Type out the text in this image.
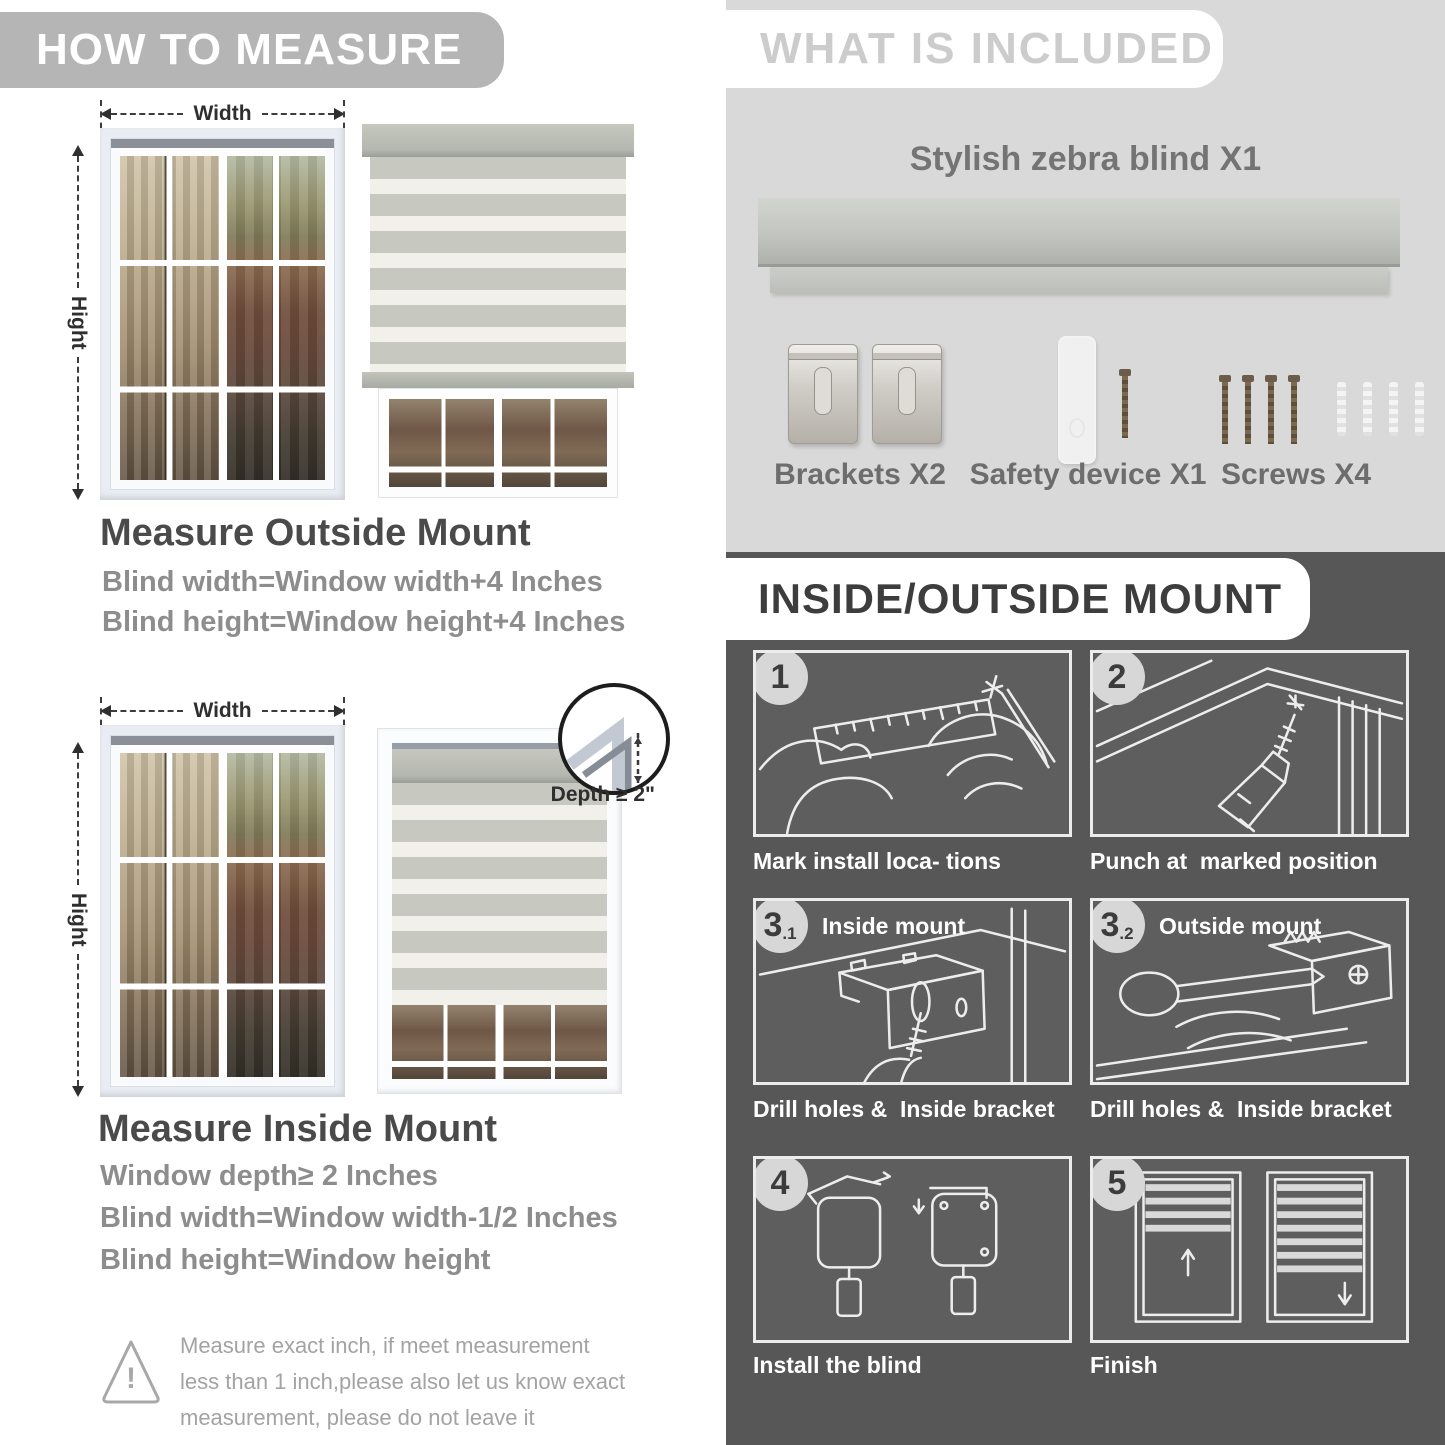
HOW TO MEASURE
Width
Hight
Measure Outside Mount
Blind width=Window width+4 Inches
Blind height=Window height+4 Inches
Width
Hight
Depth ≥ 2"
Measure Inside Mount
Window depth≥ 2 Inches
Blind width=Window width-1/2 Inches
Blind height=Window height
!
Measure exact inch, if meet measurement less than 1 inch,please also let us know exact measurement, please do not leave it
WHAT IS INCLUDED
Stylish zebra blind X1
Brackets X2 Safety device X1 Screws X4
INSIDE/OUTSIDE MOUNT
1
Mark install loca- tions
2
Punch at  marked position
3 .1 Inside mount
Drill holes &  Inside bracket
3 .2 Outside mount
Drill holes &  Inside bracket
4
Install the blind
5
Finish
